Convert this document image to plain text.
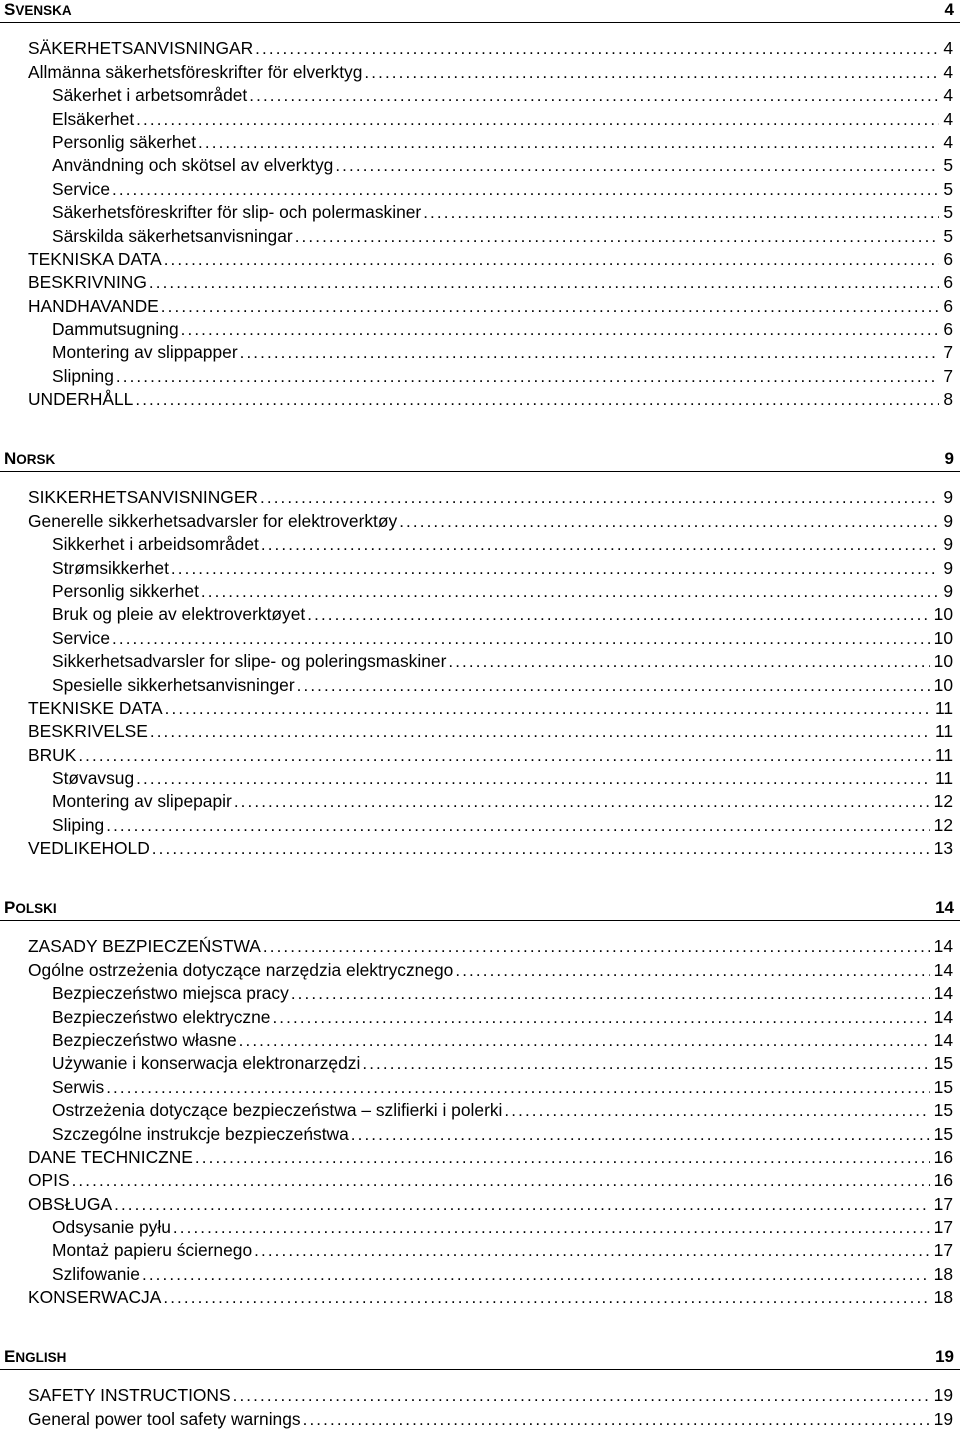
SVENSKA	4
SÄKERHETSANVISNINGAR . . .	4
Allmänna säkerhetsföreskrifter för elverktyg . . .	4
Säkerhet i arbetsområdet . . .	4
Elsäkerhet . . .	4
Personlig säkerhet . . .	4
Användning och skötsel av elverktyg . . .	5
Service . . .	5
Säkerhetsföreskrifter för slip- och polermaskiner . . .	5
Särskilda säkerhetsanvisningar . . .	5
TEKNISKA DATA . . .	6
BESKRIVNING . . .	6
HANDHAVANDE . . .	6
Dammutsugning . . .	6
Montering av slippapper . . .	7
Slipning . . .	7
UNDERHÅLL . . .	8
NORSK	9
SIKKERHETSANVISNINGER . . .	9
Generelle sikkerhetsadvarsler for elektroverktøy . . .	9
Sikkerhet i arbeidsområdet . . .	9
Strømsikkerhet . . .	9
Personlig sikkerhet . . .	9
Bruk og pleie av elektroverktøyet . . .	10
Service . . .	10
Sikkerhetsadvarsler for slipe- og poleringsmaskiner . . .	10
Spesielle sikkerhetsanvisninger . . .	10
TEKNISKE DATA . . .	11
BESKRIVELSE . . .	11
BRUK . . .	11
Støvavsug . . .	11
Montering av slipepapir . . .	12
Sliping . . .	12
VEDLIKEHOLD . . .	13
POLSKI	14
ZASADY BEZPIECZEŃSTWA . . .	14
Ogólne ostrzeżenia dotyczące narzędzia elektrycznego . . .	14
Bezpieczeństwo miejsca pracy . . .	14
Bezpieczeństwo elektryczne . . .	14
Bezpieczeństwo własne . . .	14
Używanie i konserwacja elektronarzędzi . . .	15
Serwis . . .	15
Ostrzeżenia dotyczące bezpieczeństwa – szlifierki i polerki . . .	15
Szczególne instrukcje bezpieczeństwa . . .	15
DANE TECHNICZNE . . .	16
OPIS . . .	16
OBSŁUGA . . .	17
Odsysanie pyłu . . .	17
Montaż papieru ściernego . . .	17
Szlifowanie . . .	18
KONSERWACJA . . .	18
ENGLISH	19
SAFETY INSTRUCTIONS . . .	19
General power tool safety warnings . . .	19
